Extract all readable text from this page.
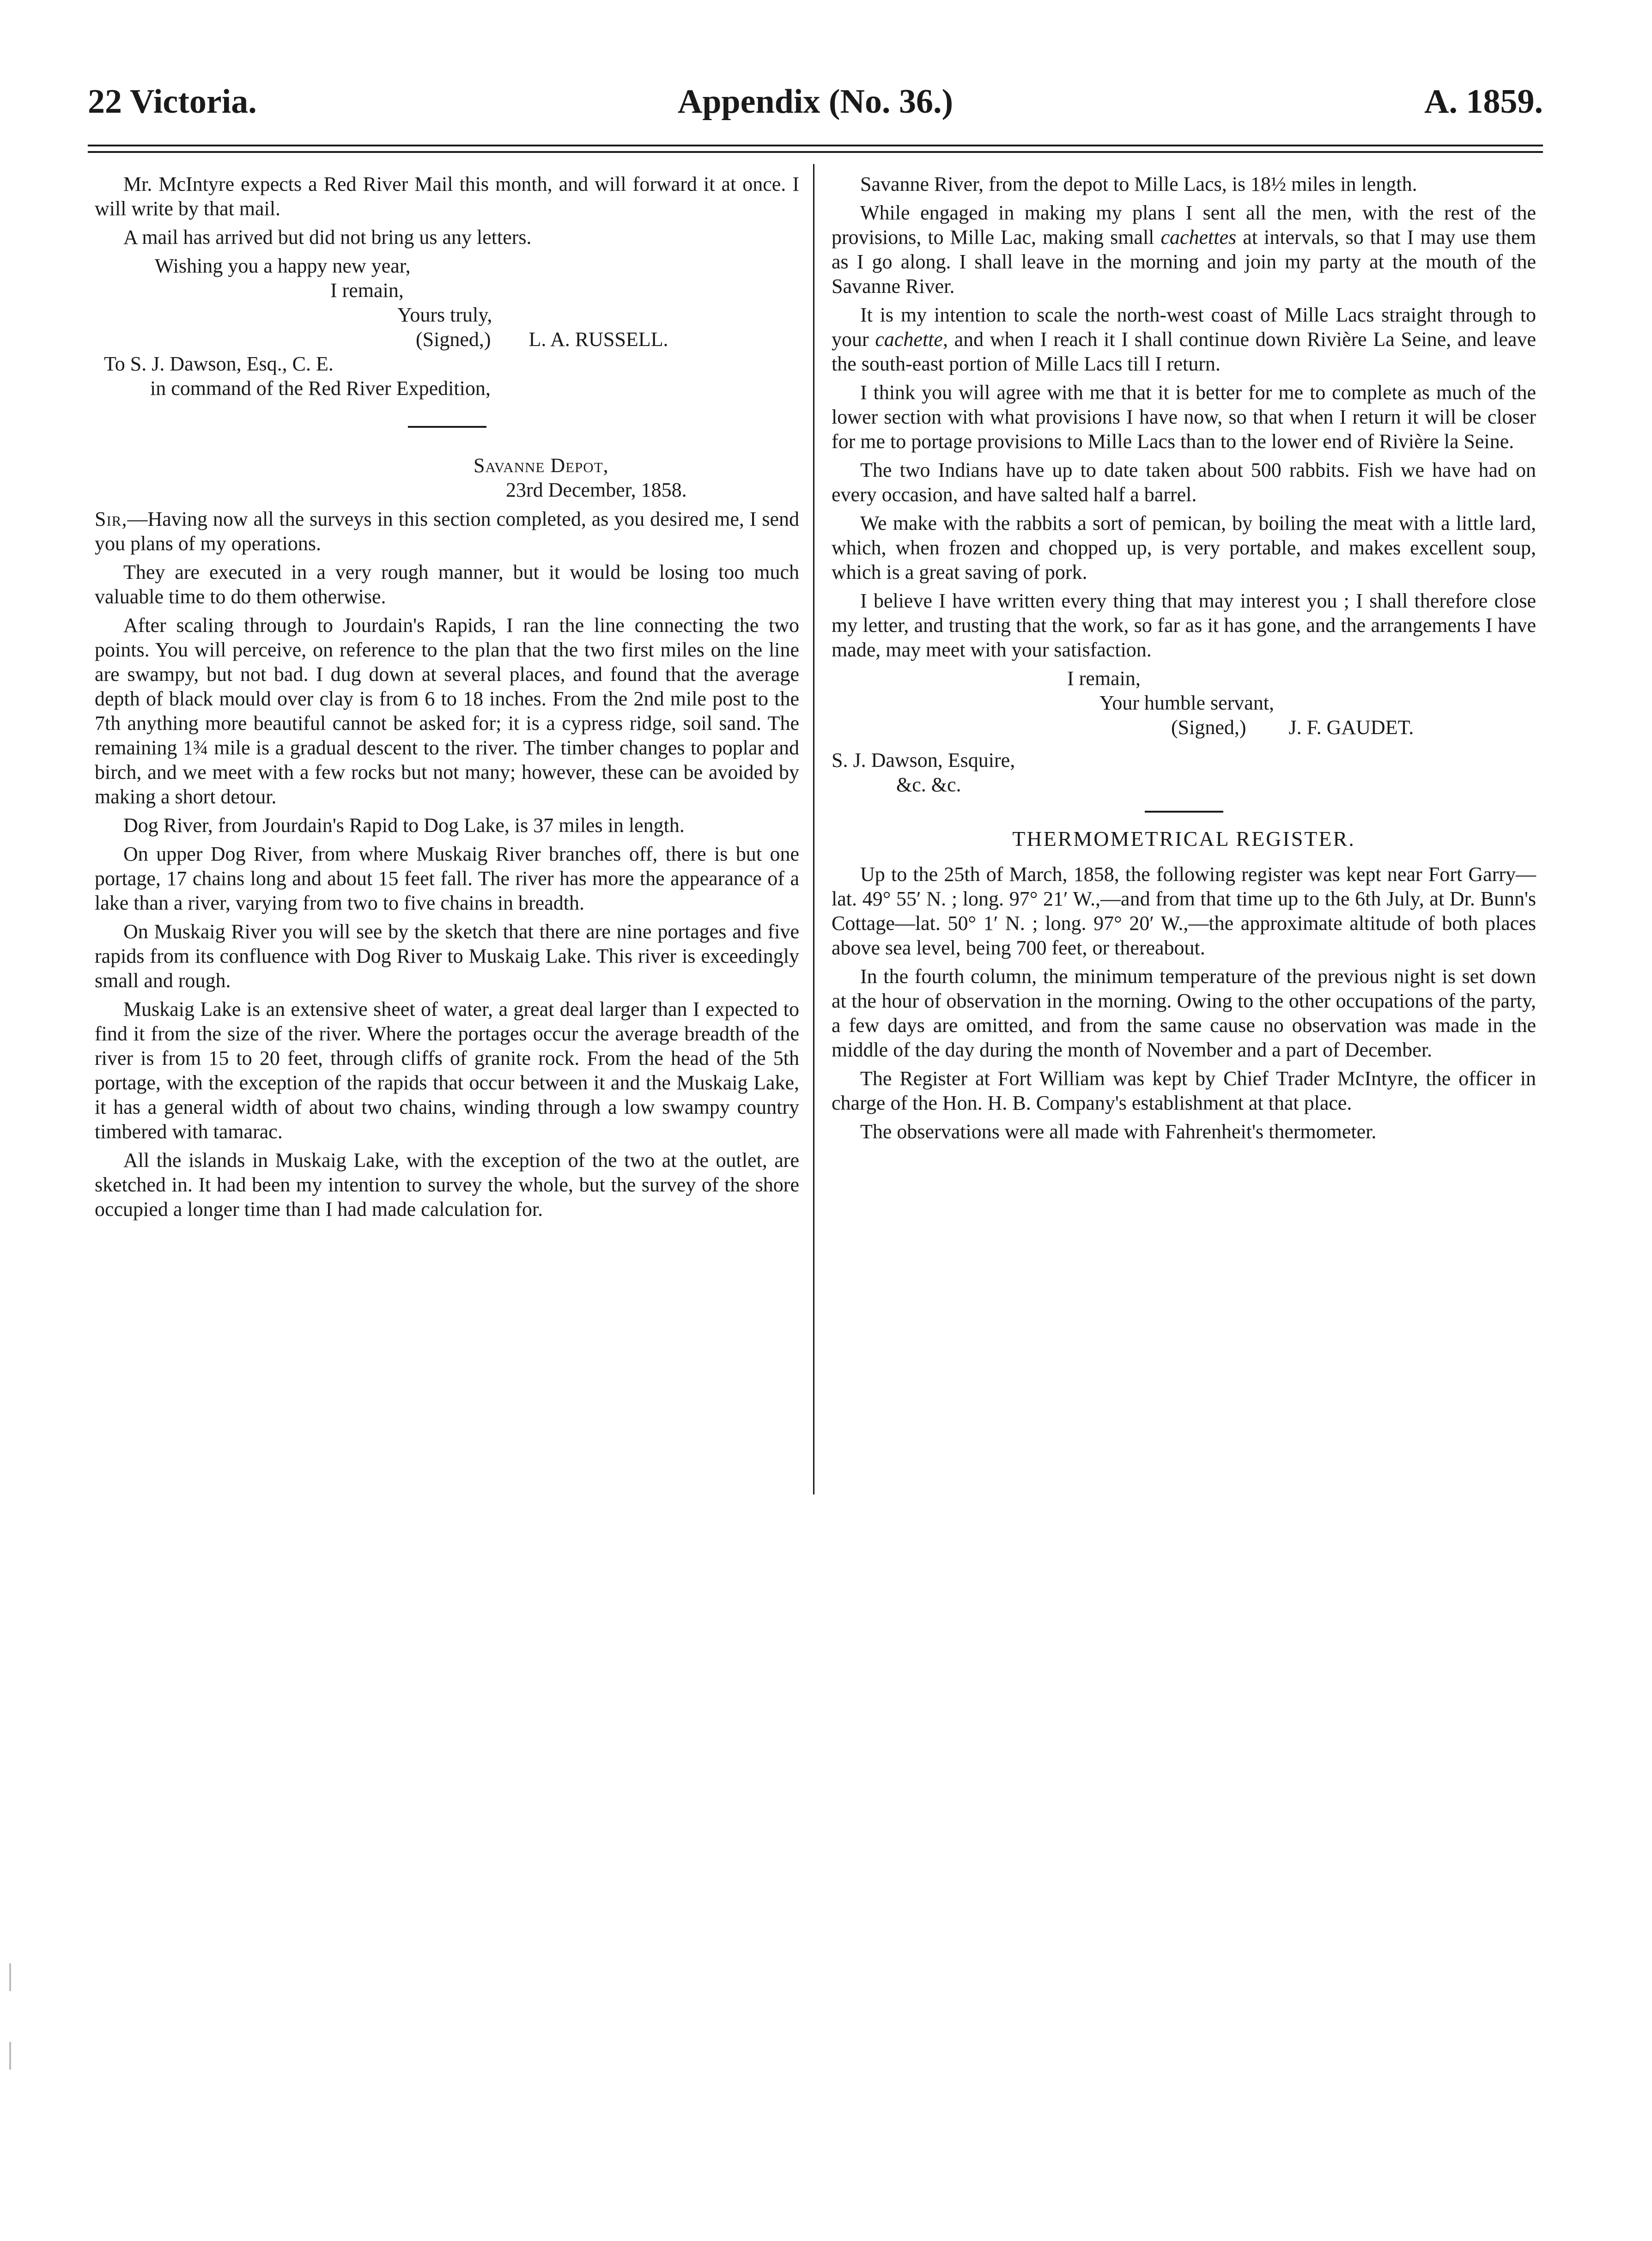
Appendix (No. 36.)
22 Victoria.	A. 1859.

Mr. McIntyre expects a Red River Mail this month, and will forward it at once. I will write by that mail.

A mail has arrived but did not bring us any letters.

Wishing you a happy new year,
I remain,
Yours truly,
(Signed,) L. A. RUSSELL.
To S. J. Dawson, Esq., C. E.
in command of the Red River Expedition,
Savanne Depot,
23rd December, 1858.

Sir,—Having now all the surveys in this section completed, as you desired me, I send you plans of my operations.

They are executed in a very rough manner, but it would be losing too much valuable time to do them otherwise.

After scaling through to Jourdain's Rapids, I ran the line connecting the two points. You will perceive, on reference to the plan that the two first miles on the line are swampy, but not bad. I dug down at several places, and found that the average depth of black mould over clay is from 6 to 18 inches. From the 2nd mile post to the 7th anything more beautiful cannot be asked for; it is a cypress ridge, soil sand. The remaining 1¾ mile is a gradual descent to the river. The timber changes to poplar and birch, and we meet with a few rocks but not many; however, these can be avoided by making a short detour.

Dog River, from Jourdain's Rapid to Dog Lake, is 37 miles in length.

On upper Dog River, from where Muskaig River branches off, there is but one portage, 17 chains long and about 15 feet fall. The river has more the appearance of a lake than a river, varying from two to five chains in breadth.

On Muskaig River you will see by the sketch that there are nine portages and five rapids from its confluence with Dog River to Muskaig Lake. This river is exceedingly small and rough.

Muskaig Lake is an extensive sheet of water, a great deal larger than I expected to find it from the size of the river. Where the portages occur the average breadth of the river is from 15 to 20 feet, through cliffs of granite rock. From the head of the 5th portage, with the exception of the rapids that occur between it and the Muskaig Lake, it has a general width of about two chains, winding through a low swampy country timbered with tamarac.

All the islands in Muskaig Lake, with the exception of the two at the outlet, are sketched in. It had been my intention to survey the whole, but the survey of the shore occupied a longer time than I had made calculation for.

Savanne River, from the depot to Mille Lacs, is 18½ miles in length.

While engaged in making my plans I sent all the men, with the rest of the provisions, to Mille Lac, making small cachettes at intervals, so that I may use them as I go along. I shall leave in the morning and join my party at the mouth of the Savanne River.

It is my intention to scale the north-west coast of Mille Lacs straight through to your cachette, and when I reach it I shall continue down Rivière La Seine, and leave the south-east portion of Mille Lacs till I return.

I think you will agree with me that it is better for me to complete as much of the lower section with what provisions I have now, so that when I return it will be closer for me to portage provisions to Mille Lacs than to the lower end of Rivière la Seine.

The two Indians have up to date taken about 500 rabbits. Fish we have had on every occasion, and have salted half a barrel.

We make with the rabbits a sort of pemican, by boiling the meat with a little lard, which, when frozen and chopped up, is very portable, and makes excellent soup, which is a great saving of pork.

I believe I have written every thing that may interest you ; I shall therefore close my letter, and trusting that the work, so far as it has gone, and the arrangements I have made, may meet with your satisfaction.

I remain,
Your humble servant,
(Signed,) J. F. GAUDET.
S. J. Dawson, Esquire,
&c. &c.
THERMOMETRICAL REGISTER.

Up to the 25th of March, 1858, the following register was kept near Fort Garry—lat. 49° 55′ N. ; long. 97° 21′ W.,—and from that time up to the 6th July, at Dr. Bunn's Cottage—lat. 50° 1′ N. ; long. 97° 20′ W.,—the approximate altitude of both places above sea level, being 700 feet, or thereabout.

In the fourth column, the minimum temperature of the previous night is set down at the hour of observation in the morning. Owing to the other occupations of the party, a few days are omitted, and from the same cause no observation was made in the middle of the day during the month of November and a part of December.

The Register at Fort William was kept by Chief Trader McIntyre, the officer in charge of the Hon. H. B. Company's establishment at that place.

The observations were all made with Fahrenheit's thermometer.
